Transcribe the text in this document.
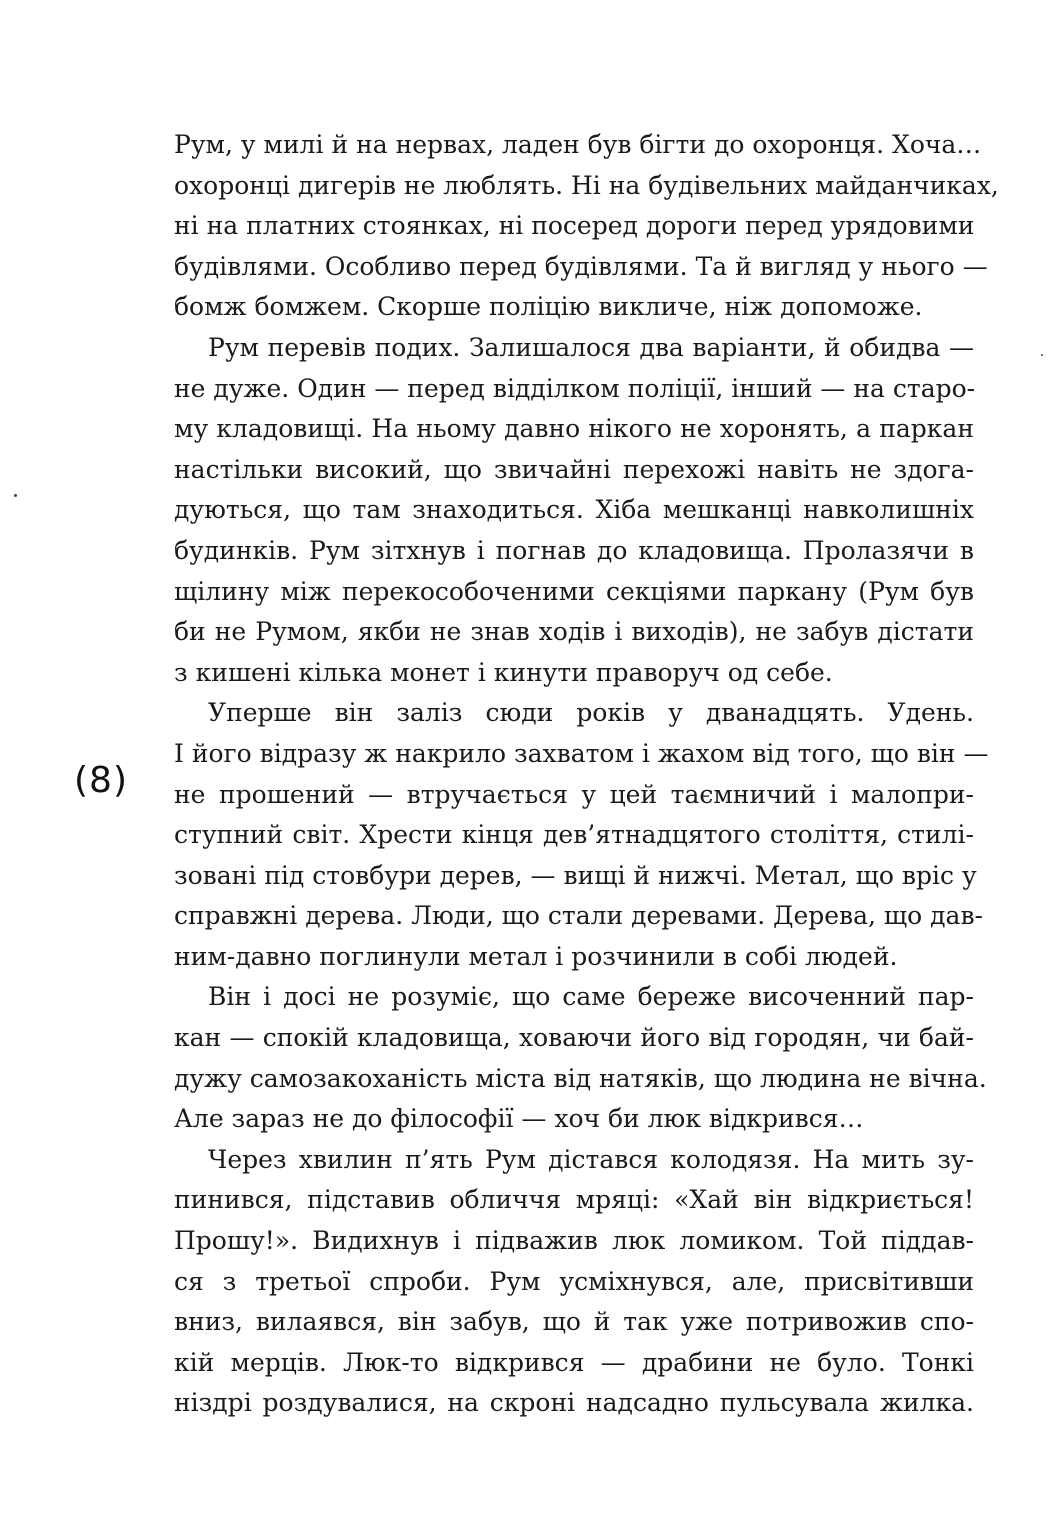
Рум, у милі й на нервах, ладен був бігти до охоронця. Хоча…
охоронці дигерів не люблять. Ні на будівельних майданчиках,
ні на платних стоянках, ні посеред дороги перед урядовими
будівлями. Особливо перед будівлями. Та й вигляд у нього —
бомж бомжем. Скорше поліцію викличе, ніж допоможе.
Рум перевів подих. Залишалося два варіанти, й обидва —
не дуже. Один — перед відділком поліції, інший — на старо-
му кладовищі. На ньому давно нікого не хоронять, а паркан
настільки високий, що звичайні перехожі навіть не здога-
дуються, що там знаходиться. Хіба мешканці навколишніх
будинків. Рум зітхнув і погнав до кладовища. Пролазячи в
щілину між перекособоченими секціями паркану (Рум був
би не Румом, якби не знав ходів і виходів), не забув дістати
з кишені кілька монет і кинути праворуч од себе.
Уперше він заліз сюди років у дванадцять. Удень.
І його відразу ж накрило захватом і жахом від того, що він —
не прошений — втручається у цей таємничий і малопри-
ступний світ. Хрести кінця дев’ятнадцятого століття, стилі-
зовані під стовбури дерев, — вищі й нижчі. Метал, що вріс у
справжні дерева. Люди, що стали деревами. Дерева, що дав-
ним-давно поглинули метал і розчинили в собі людей.
Він і досі не розуміє, що саме береже височенний пар-
кан — спокій кладовища, ховаючи його від городян, чи бай-
дужу самозакоханість міста від натяків, що людина не вічна.
Але зараз не до філософії — хоч би люк відкрився…
Через хвилин п’ять Рум дістався колодязя. На мить зу-
пинився, підставив обличчя мряці: «Хай він відкриється!
Прошу!». Видихнув і підважив люк ломиком. Той піддав-
ся з третьої спроби. Рум усміхнувся, але, присвітивши
вниз, вилаявся, він забув, що й так уже потривожив спо-
кій мерців. Люк-то відкрився — драбини не було. Тонкі
ніздрі роздувалися, на скроні надсадно пульсувала жилка.
(8)
